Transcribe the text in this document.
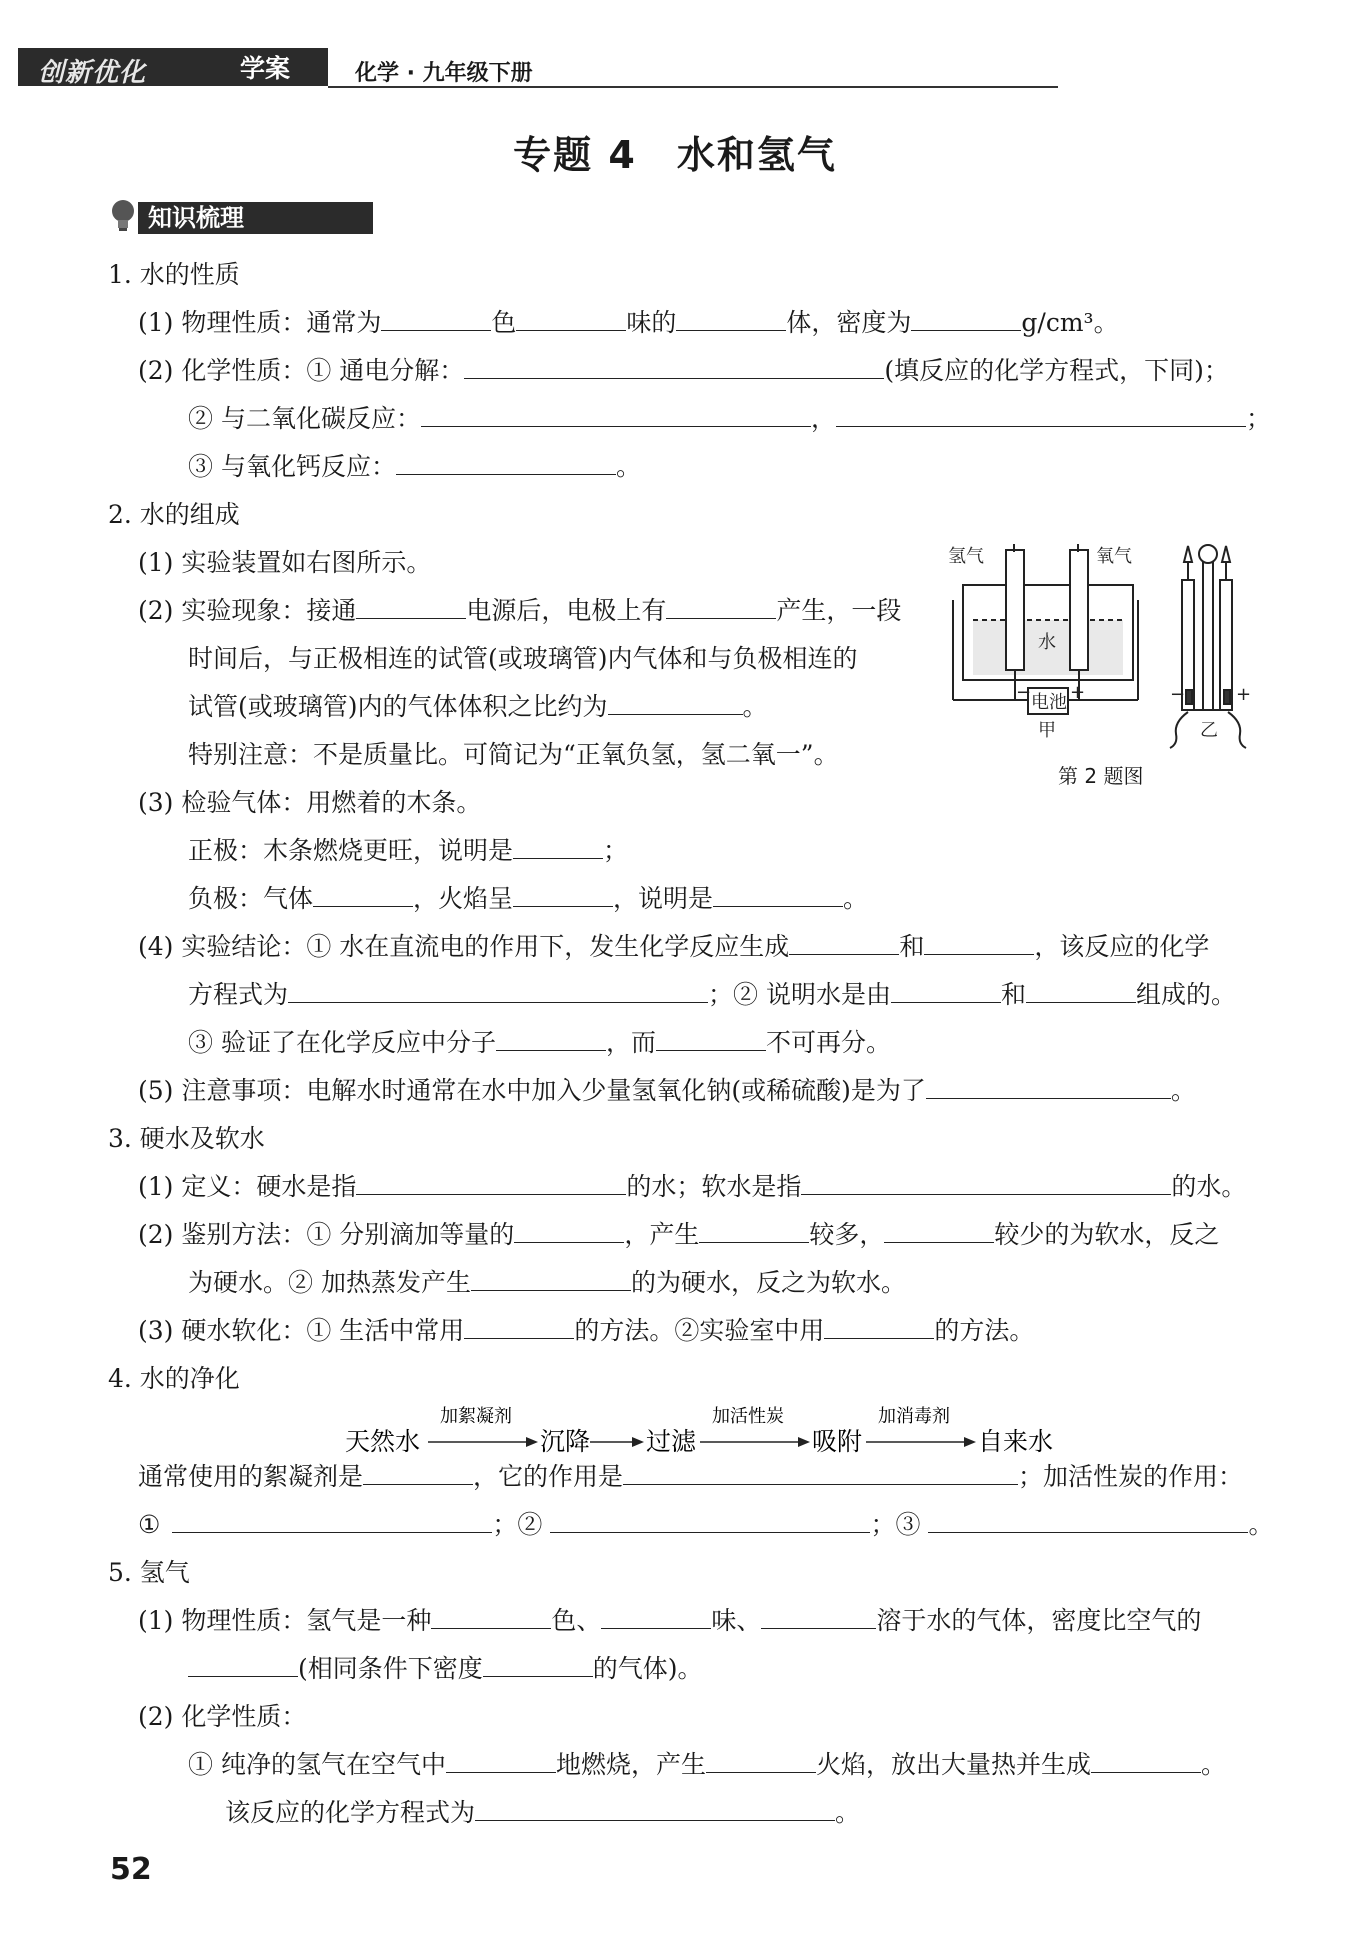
创新优化	学案	化学 · 九年级下册
专题 4　水和氢气
知识梳理
1. 水的性质
(1) 物理性质：通常为	色	味的	体，密度为	g/cm³。
(2) 化学性质：① 通电分解：	(填反应的化学方程式，下同)；
② 与二氧化碳反应：	，	；
③ 与氧化钙反应：	。
2. 水的组成
(1) 实验装置如右图所示。
(2) 实验现象：接通	电源后，电极上有	产生，一段
时间后，与正极相连的试管(或玻璃管)内气体和与负极相连的
试管(或玻璃管)内的气体体积之比约为	。
特别注意：不是质量比。可简记为“正氧负氢，氢二氧一”。
(3) 检验气体：用燃着的木条。
正极：木条燃烧更旺，说明是	；
负极：气体	，火焰呈	，说明是	。
(4) 实验结论：① 水在直流电的作用下，发生化学反应生成	和	，该反应的化学
方程式为	；② 说明水是由	和	组成的。
③ 验证了在化学反应中分子	，而	不可再分。
(5) 注意事项：电解水时通常在水中加入少量氢氧化钠(或稀硫酸)是为了	。
3. 硬水及软水
(1) 定义：硬水是指	的水；软水是指	的水。
(2) 鉴别方法：① 分别滴加等量的	，产生	较多，	较少的为软水，反之
为硬水。② 加热蒸发产生	的为硬水，反之为软水。
(3) 硬水软化：① 生活中常用	的方法。②实验室中用	的方法。
4. 水的净化
天然水
加絮凝剂
沉降 过滤
加活性炭
吸附
加消毒剂
自来水
通常使用的絮凝剂是	，它的作用是	；加活性炭的作用：
①	；②	；③	。
5. 氢气
(1) 物理性质：氢气是一种	色、	味、	溶于水的气体，密度比空气的
(相同条件下密度	的气体)。
(2) 化学性质：
① 纯净的氢气在空气中	地燃烧，产生	火焰，放出大量热并生成	。
该反应的化学方程式为	。
氢气	氧气
水
电池 +
−
甲
+
−
乙
第 2 题图
52
